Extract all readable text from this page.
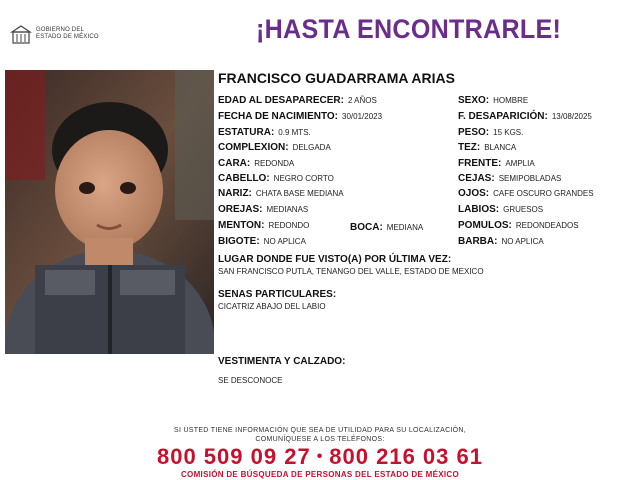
GOBIERNO DEL
ESTADO DE MÉXICO	¡HASTA ENCONTRARLE!
FRANCISCO GUADARRAMA ARIAS
EDAD AL DESAPARECER: 2 AÑOS
FECHA DE NACIMIENTO: 30/01/2023
ESTATURA: 0.9 MTS.
COMPLEXION: DELGADA
CARA: REDONDA
CABELLO: NEGRO CORTO
NARIZ: CHATA BASE MEDIANA
OREJAS: MEDIANAS
MENTON: REDONDO	BOCA: MEDIANA
BIGOTE: NO APLICA
SEXO: HOMBRE
F. DESAPARICIÓN: 13/08/2025
PESO: 15 KGS.
TEZ: BLANCA
FRENTE: AMPLIA
CEJAS: SEMIPOBLADAS
OJOS: CAFE OSCURO GRANDES
LABIOS: GRUESOS
POMULOS: REDONDEADOS
BARBA: NO APLICA
LUGAR DONDE FUE VISTO(A) POR ÚLTIMA VEZ:
SAN FRANCISCO PUTLA, TENANGO DEL VALLE, ESTADO DE MEXICO
SENAS PARTICULARES:
CICATRIZ ABAJO DEL LABIO
VESTIMENTA Y CALZADO:
SE DESCONOCE
SI USTED TIENE INFORMACIÓN QUE SEA DE UTILIDAD PARA SU LOCALIZACIÓN,
COMUNÍQUESE A LOS TELÉFONOS:
800 509 09 27 • 800 216 03 61
COMISIÓN DE BÚSQUEDA DE PERSONAS DEL ESTADO DE MÉXICO
